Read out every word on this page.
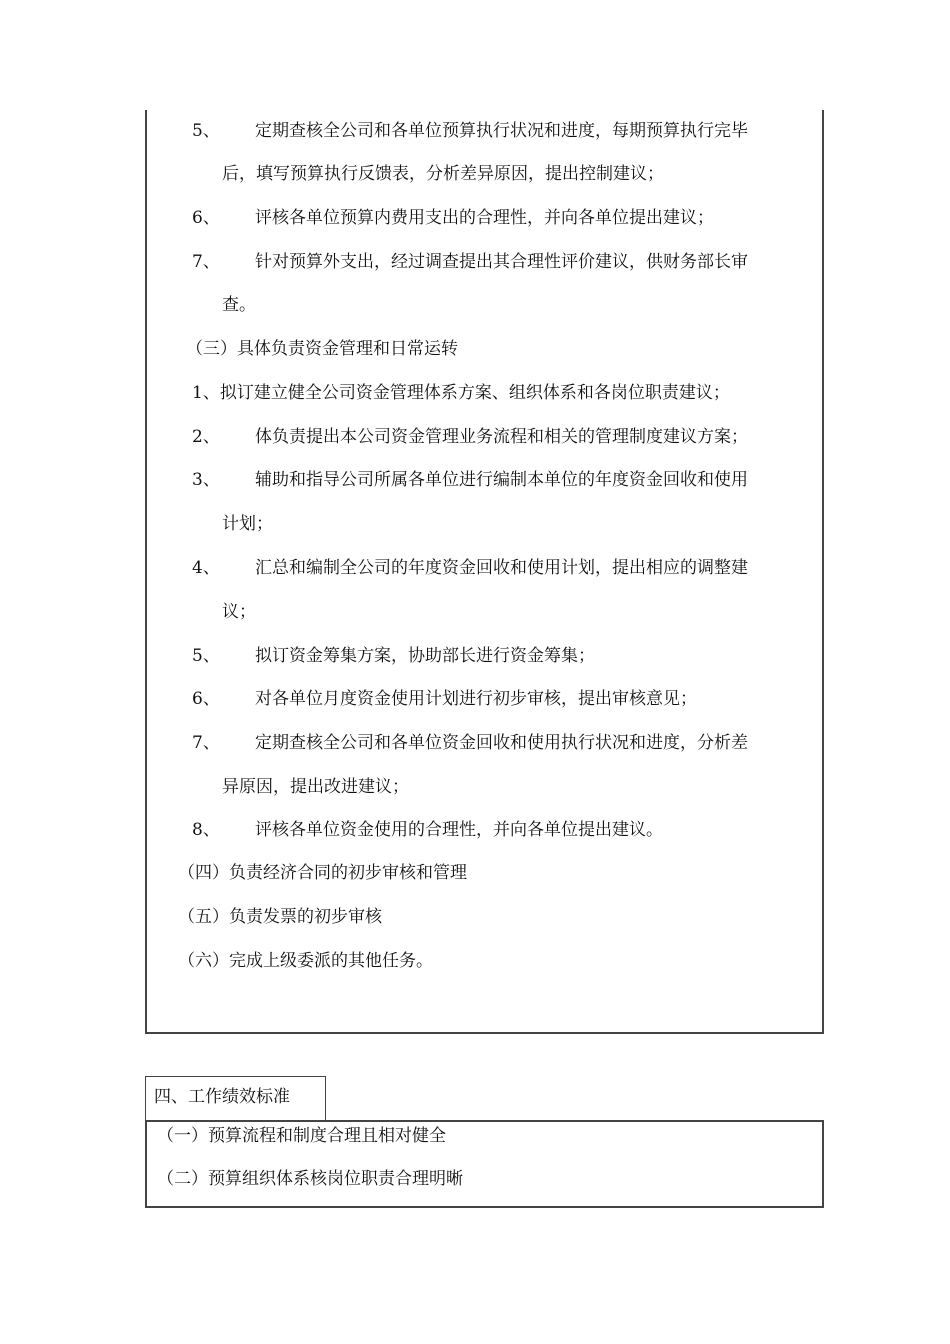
5、 定期查核全公司和各单位预算执行状况和进度，每期预算执行完毕
后，填写预算执行反馈表，分析差异原因，提出控制建议；
6、 评核各单位预算内费用支出的合理性，并向各单位提出建议；
7、 针对预算外支出，经过调查提出其合理性评价建议，供财务部长审
查。
（三）具体负责资金管理和日常运转
1、拟订建立健全公司资金管理体系方案、组织体系和各岗位职责建议；
2、 体负责提出本公司资金管理业务流程和相关的管理制度建议方案；
3、 辅助和指导公司所属各单位进行编制本单位的年度资金回收和使用
计划；
4、 汇总和编制全公司的年度资金回收和使用计划，提出相应的调整建
议；
5、 拟订资金筹集方案，协助部长进行资金筹集；
6、 对各单位月度资金使用计划进行初步审核，提出审核意见；
7、 定期查核全公司和各单位资金回收和使用执行状况和进度，分析差
异原因，提出改进建议；
8、 评核各单位资金使用的合理性，并向各单位提出建议。
（四）负责经济合同的初步审核和管理
（五）负责发票的初步审核
（六）完成上级委派的其他任务。
四、工作绩效标准
（一）预算流程和制度合理且相对健全
（二）预算组织体系核岗位职责合理明晰
